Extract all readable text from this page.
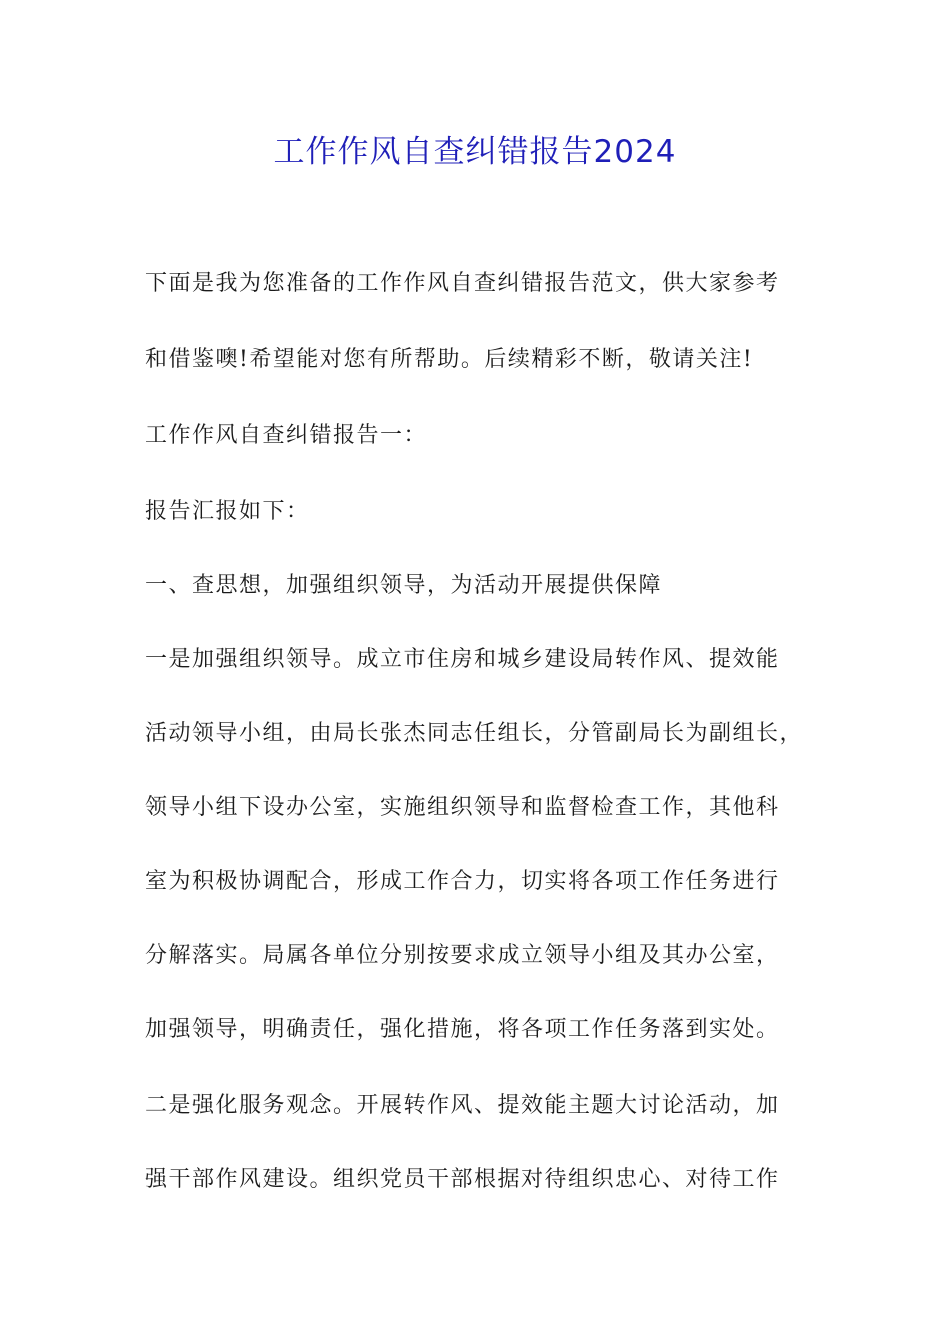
工作作风自查纠错报告2024

下面是我为您准备的工作作风自查纠错报告范文，供大家参考

和借鉴噢!希望能对您有所帮助。后续精彩不断，敬请关注!

工作作风自查纠错报告一：

报告汇报如下：

一、查思想，加强组织领导，为活动开展提供保障

一是加强组织领导。成立市住房和城乡建设局转作风、提效能

活动领导小组，由局长张杰同志任组长，分管副局长为副组长，

领导小组下设办公室，实施组织领导和监督检查工作，其他科

室为积极协调配合，形成工作合力，切实将各项工作任务进行

分解落实。局属各单位分别按要求成立领导小组及其办公室，

加强领导，明确责任，强化措施，将各项工作任务落到实处。

二是强化服务观念。开展转作风、提效能主题大讨论活动，加

强干部作风建设。组织党员干部根据对待组织忠心、对待工作
